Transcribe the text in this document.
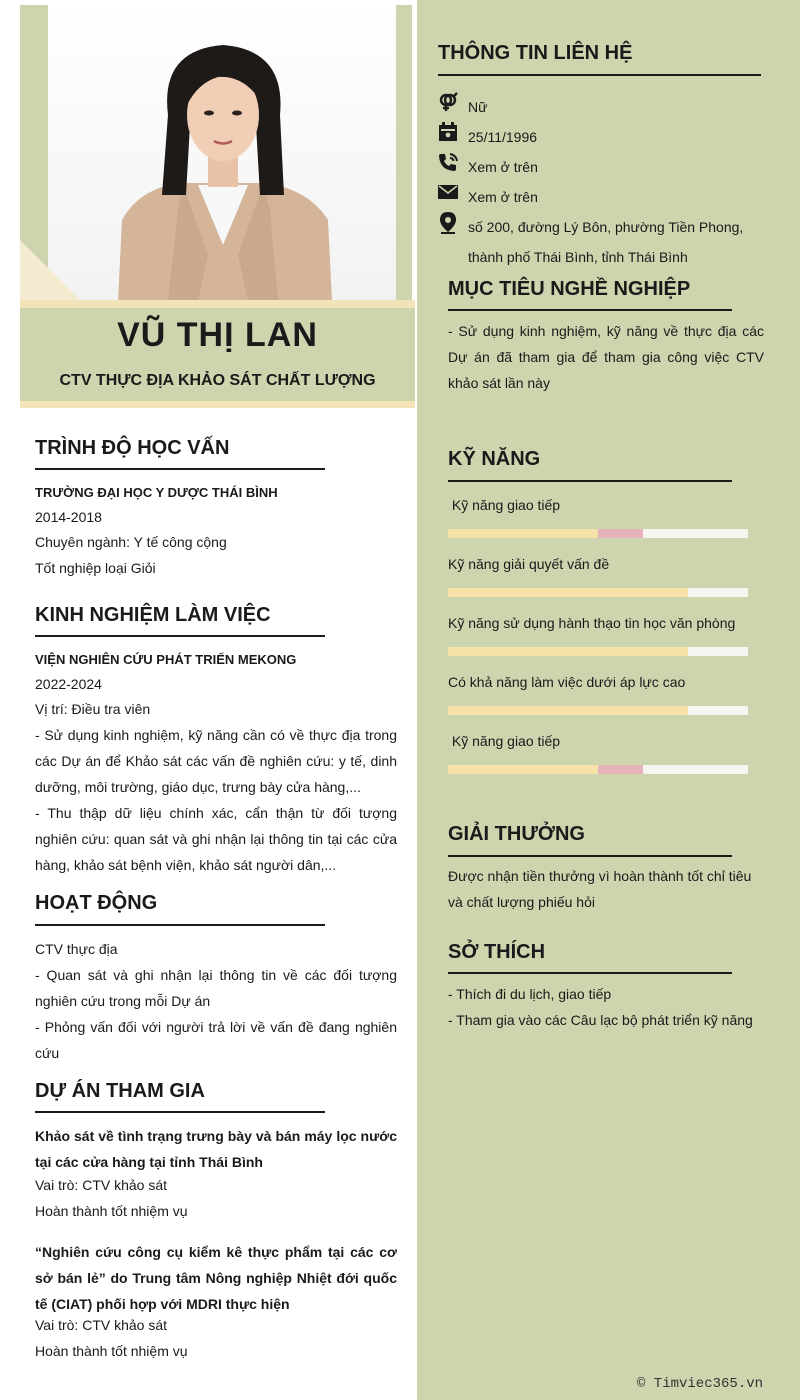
VŨ THỊ LAN
CTV THỰC ĐỊA KHẢO SÁT CHẤT LƯỢNG
THÔNG TIN LIÊN HỆ
Nữ
25/11/1996
Xem ở trên
Xem ở trên
số 200, đường Lý Bôn, phường Tiền Phong,
thành phố Thái Bình, tỉnh Thái Bình
MỤC TIÊU NGHỀ NGHIỆP
- Sử dụng kinh nghiệm, kỹ năng về thực địa các Dự án đã tham gia để tham gia công việc CTV khảo sát lần này
KỸ NĂNG
Kỹ năng giao tiếp
Kỹ năng giải quyết vấn đề
Kỹ năng sử dụng hành thạo tin học văn phòng
Có khả năng làm việc dưới áp lực cao
Kỹ năng giao tiếp
GIẢI THƯỞNG
Được nhận tiền thưởng vì hoàn thành tốt chỉ tiêu và chất lượng phiếu hỏi
SỞ THÍCH
- Thích đi du lịch, giao tiếp
- Tham gia vào các Câu lạc bộ phát triển kỹ năng
TRÌNH ĐỘ HỌC VẤN
TRƯỜNG ĐẠI HỌC Y DƯỢC THÁI BÌNH
2014-2018
Chuyên ngành: Y tế công cộng
Tốt nghiệp loại Giỏi
KINH NGHIỆM LÀM VIỆC
VIỆN NGHIÊN CỨU PHÁT TRIỂN MEKONG
2022-2024
Vị trí: Điều tra viên
- Sử dụng kinh nghiệm, kỹ năng cần có về thực địa trong các Dự án để Khảo sát các vấn đề nghiên cứu: y tế, dinh dưỡng, môi trường, giáo dục, trưng bày cửa hàng,...
- Thu thập dữ liệu chính xác, cẩn thận từ đối tượng nghiên cứu: quan sát và ghi nhận lại thông tin tại các cửa hàng, khảo sát bệnh viện, khảo sát người dân,...
HOẠT ĐỘNG
CTV thực địa
- Quan sát và ghi nhận lại thông tin về các đối tượng nghiên cứu trong mỗi Dự án
- Phỏng vấn đối với người trả lời về vấn đề đang nghiên cứu
DỰ ÁN THAM GIA
Khảo sát về tình trạng trưng bày và bán máy lọc nước tại các cửa hàng tại tỉnh Thái Bình
Vai trò: CTV khảo sát
Hoàn thành tốt nhiệm vụ
“Nghiên cứu công cụ kiểm kê thực phẩm tại các cơ sở bán lẻ” do Trung tâm Nông nghiệp Nhiệt đới quốc tế (CIAT) phối hợp với MDRI thực hiện
Vai trò: CTV khảo sát
Hoàn thành tốt nhiệm vụ
© Timviec365.vn
